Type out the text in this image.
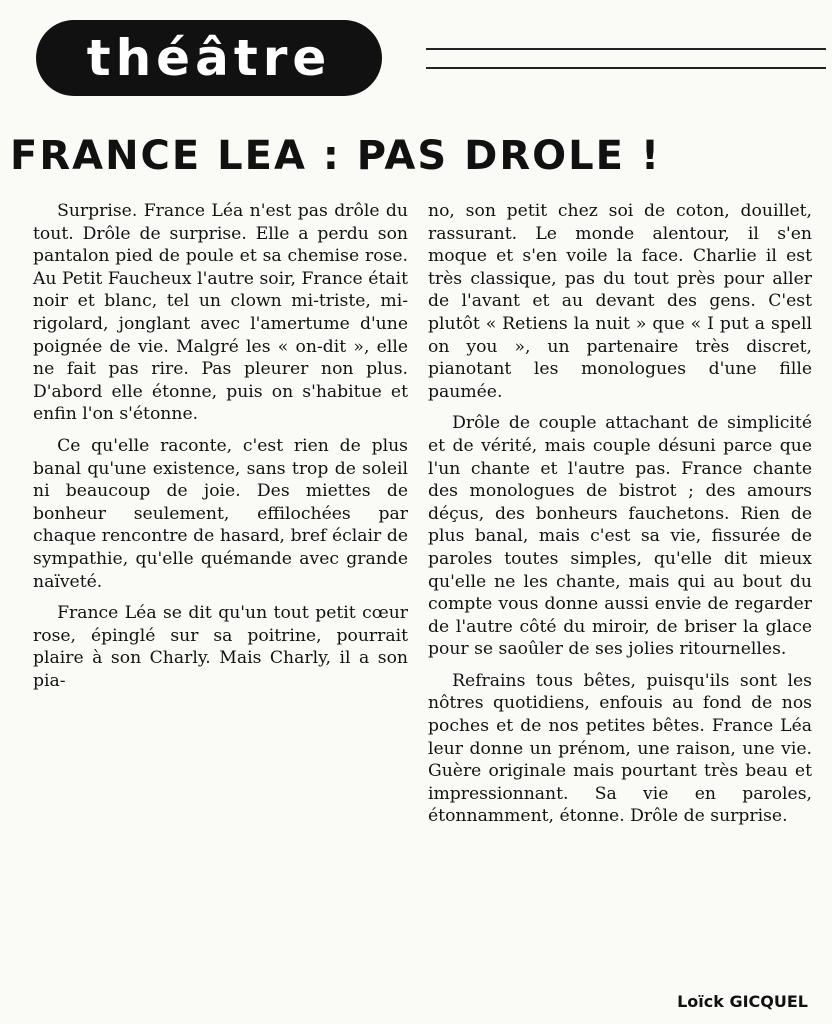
théâtre
FRANCE LEA : PAS DROLE !

Surprise. France Léa n'est pas drôle du tout. Drôle de surprise. Elle a perdu son pantalon pied de poule et sa chemise rose. Au Petit Faucheux l'autre soir, France était noir et blanc, tel un clown mi-triste, mi-rigolard, jonglant avec l'amertume d'une poignée de vie. Malgré les « on-dit », elle ne fait pas rire. Pas pleurer non plus. D'abord elle étonne, puis on s'habitue et enfin l'on s'étonne.

Ce qu'elle raconte, c'est rien de plus banal qu'une existence, sans trop de soleil ni beaucoup de joie. Des miettes de bonheur seulement, effilochées par chaque rencontre de hasard, bref éclair de sympathie, qu'elle quémande avec grande naïveté.

France Léa se dit qu'un tout petit cœur rose, épinglé sur sa poitrine, pourrait plaire à son Charly. Mais Charly, il a son pia-

no, son petit chez soi de coton, douillet, rassurant. Le monde alentour, il s'en moque et s'en voile la face. Charlie il est très classique, pas du tout près pour aller de l'avant et au devant des gens. C'est plutôt « Retiens la nuit » que « I put a spell on you », un partenaire très discret, pianotant les monologues d'une fille paumée.

Drôle de couple attachant de simplicité et de vérité, mais couple désuni parce que l'un chante et l'autre pas. France chante des monologues de bistrot ; des amours déçus, des bonheurs fauchetons. Rien de plus banal, mais c'est sa vie, fissurée de paroles toutes simples, qu'elle dit mieux qu'elle ne les chante, mais qui au bout du compte vous donne aussi envie de regarder de l'autre côté du miroir, de briser la glace pour se saoûler de ses jolies ritournelles.

Refrains tous bêtes, puisqu'ils sont les nôtres quotidiens, enfouis au fond de nos poches et de nos petites bêtes. France Léa leur donne un prénom, une raison, une vie. Guère originale mais pourtant très beau et impressionnant. Sa vie en paroles, étonnamment, étonne. Drôle de surprise.

Loïck GICQUEL
